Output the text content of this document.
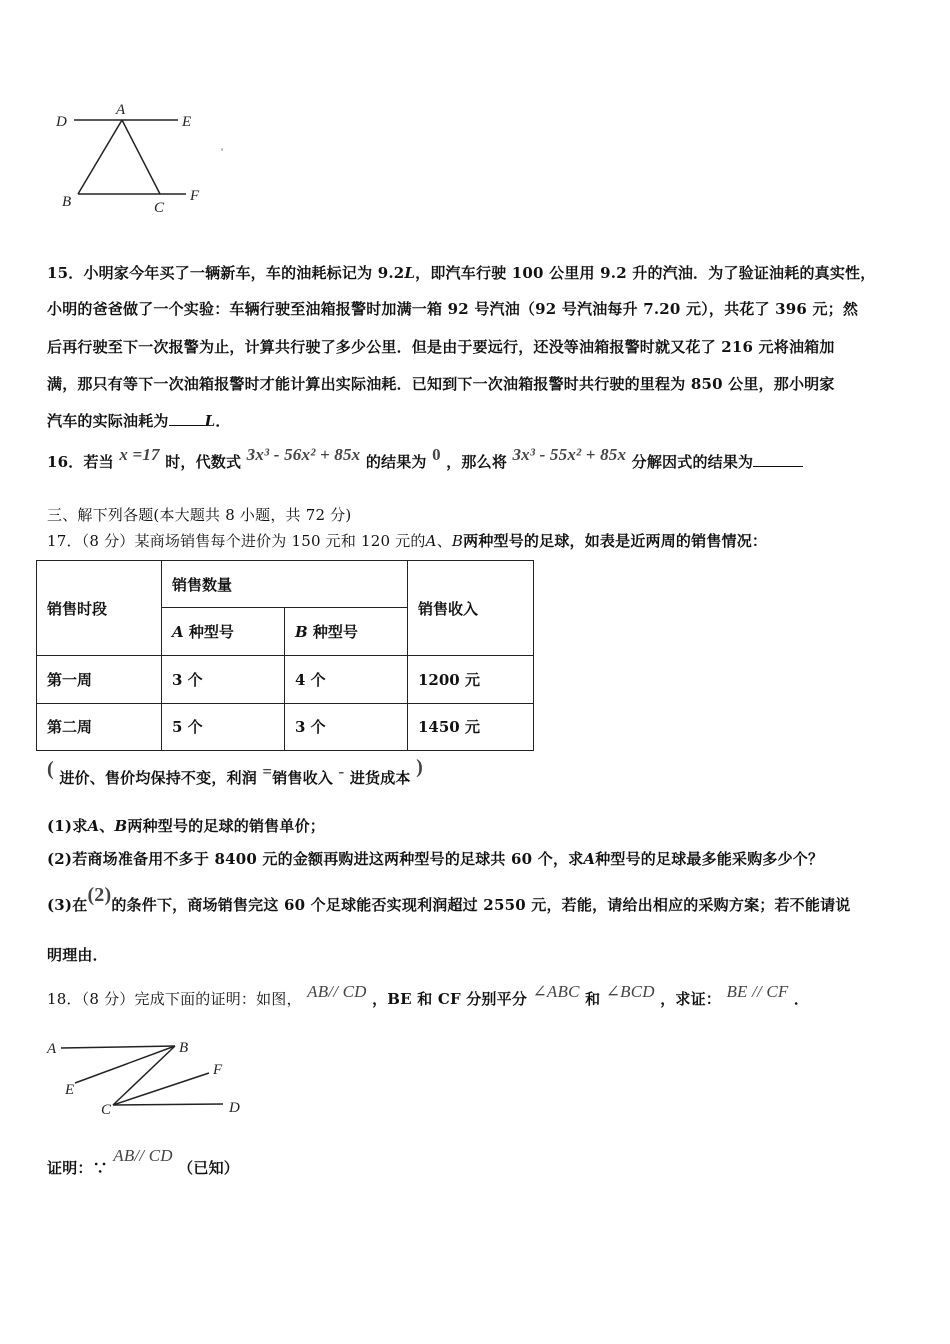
D
A
E
B	C
F
15．小明家今年买了一辆新车，车的油耗标记为 9.2L，即汽车行驶 100 公里用 9.2 升的汽油．为了验证油耗的真实性，
小明的爸爸做了一个实验：车辆行驶至油箱报警时加满一箱 92 号汽油（92 号汽油每升 7.20 元），共花了 396 元；然
后再行驶至下一次报警为止，计算共行驶了多少公里．但是由于要远行，还没等油箱报警时就又花了 216 元将油箱加
满，那只有等下一次油箱报警时才能计算出实际油耗．已知到下一次油箱报警时共行驶的里程为 850 公里，那小明家
汽车的实际油耗为 L．
16．若当 x =17 时，代数式 3x³ - 56x² + 85x 的结果为 0 ，那么将 3x³ - 55x² + 85x 分解因式的结果为
三、解下列各题(本大题共 8 小题，共 72 分)
17．（8 分）某商场销售每个进价为 150 元和 120 元的A、B两种型号的足球，如表是近两周的销售情况：
销售时段	销售数量		销售收入
	A 种型号	B 种型号	
第一周	3 个	4 个	1200 元
第二周	5 个	3 个	1450 元
( 进价、售价均保持不变，利润 =销售收入 - 进货成本 )
(1)求A、B两种型号的足球的销售单价；
(2)若商场准备用不多于 8400 元的金额再购进这两种型号的足球共 60 个，求A种型号的足球最多能采购多少个？
(3)在(2)的条件下，商场销售完这 60 个足球能否实现利润超过 2550 元，若能，请给出相应的采购方案；若不能请说
明理由．
18．（8 分）完成下面的证明：如图， AB// CD ，BE 和 CF 分别平分 ∠ABC 和 ∠BCD ，求证： BE // CF ．
A	B
E
F
C	D
证明：∵ AB// CD （已知）
